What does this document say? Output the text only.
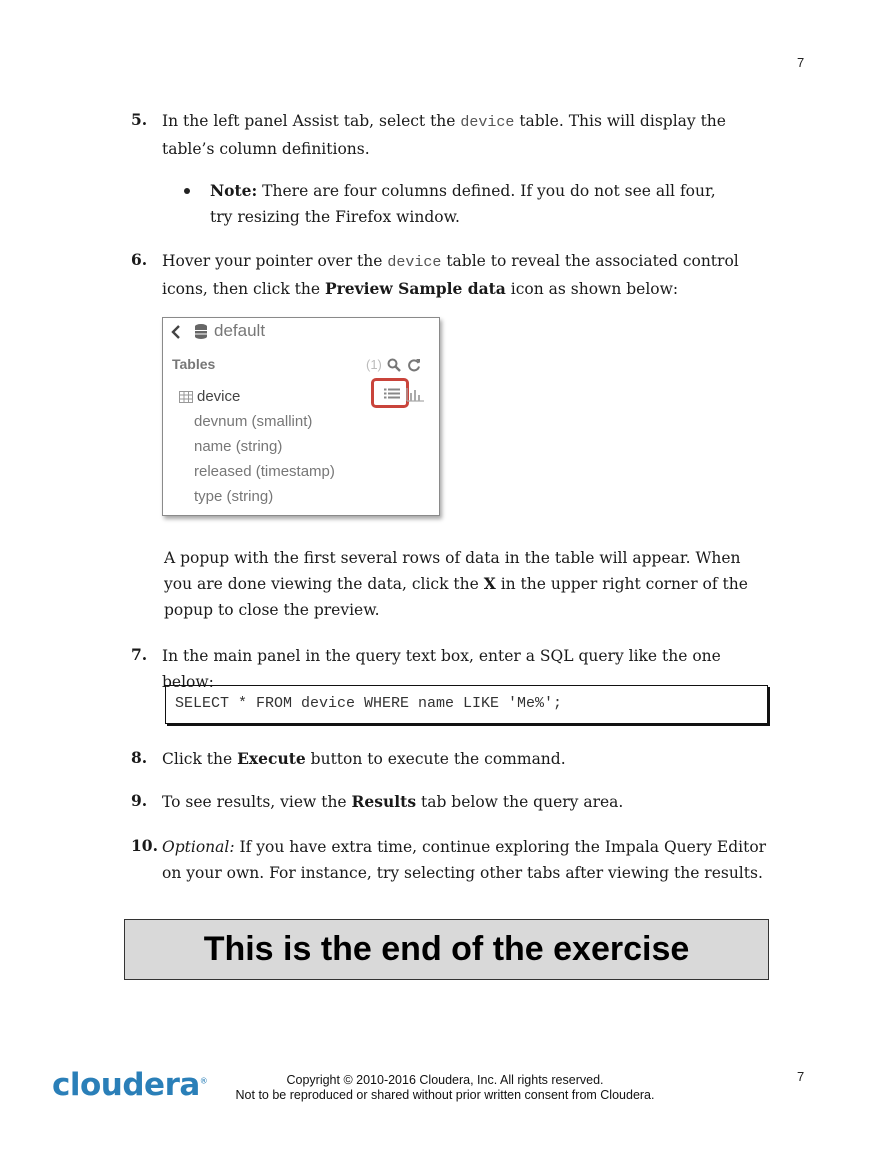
7
5. In the left panel Assist tab, select the device table. This will display the table’s column definitions.
Note: There are four columns defined. If you do not see all four, try resizing the Firefox window.
6. Hover your pointer over the device table to reveal the associated control icons, then click the Preview Sample data icon as shown below:
default
Tables	(1)
device
devnum (smallint)
name (string)
released (timestamp)
type (string)
A popup with the first several rows of data in the table will appear. When you are done viewing the data, click the X in the upper right corner of the popup to close the preview.
7. In the main panel in the query text box, enter a SQL query like the one below:
SELECT * FROM device WHERE name LIKE 'Me%';
8. Click the Execute button to execute the command.
9. To see results, view the Results tab below the query area.
10. Optional: If you have extra time, continue exploring the Impala Query Editor on your own. For instance, try selecting other tabs after viewing the results.
This is the end of the exercise
cloudera®	Copyright © 2010-2016 Cloudera, Inc. All rights reserved.
Not to be reproduced or shared without prior written consent from Cloudera.
7
